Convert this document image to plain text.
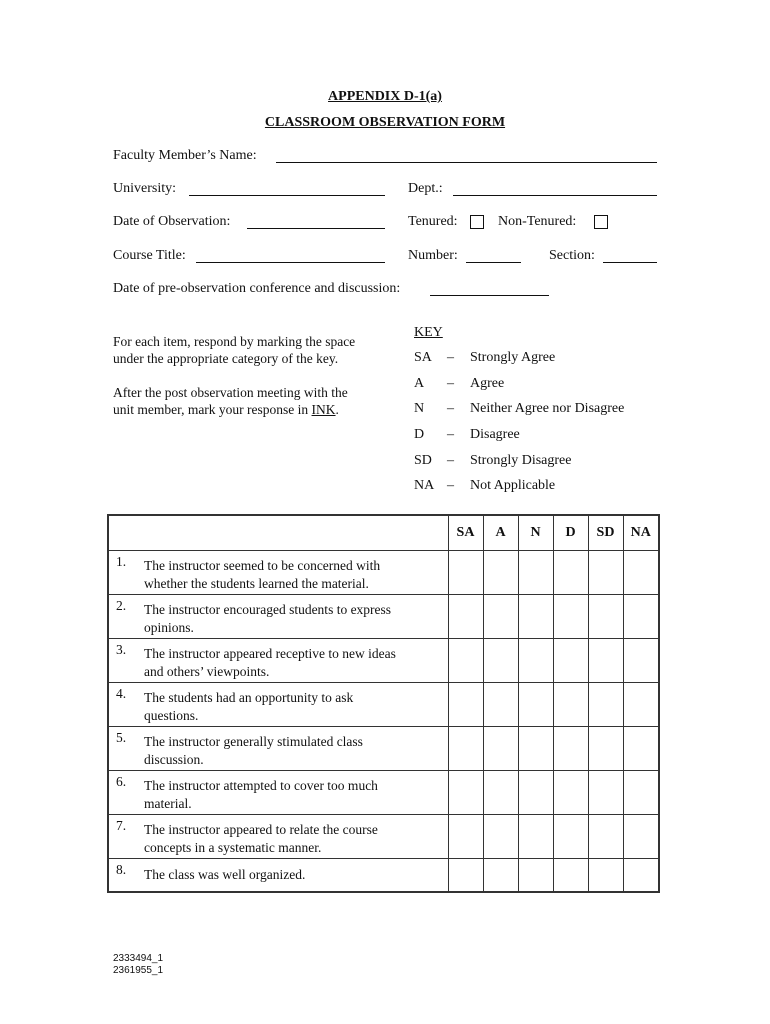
APPENDIX D-1(a)
CLASSROOM OBSERVATION FORM
Faculty Member’s Name:
University:	Dept.:
Date of Observation:	Tenured:	Non-Tenured:
Course Title:	Number:	Section:
Date of pre-observation conference and discussion:
For each item, respond by marking the space
under the appropriate category of the key.
After the post observation meeting with the
unit member, mark your response in INK.
KEY
SA – Strongly Agree
A – Agree
N – Neither Agree nor Disagree
D – Disagree
SD – Strongly Disagree
NA – Not Applicable
	SA	A	N	D	SD	NA

1. The instructor seemed to be concerned with
whether the students learned the material.						

2. The instructor encouraged students to express
opinions.						

3. The instructor appeared receptive to new ideas
and others’ viewpoints.						

4. The students had an opportunity to ask
questions.						

5. The instructor generally stimulated class
discussion.						

6. The instructor attempted to cover too much
material.						

7. The instructor appeared to relate the course
concepts in a systematic manner.						

8. The class was well organized.						

2333494_1
2361955_1
